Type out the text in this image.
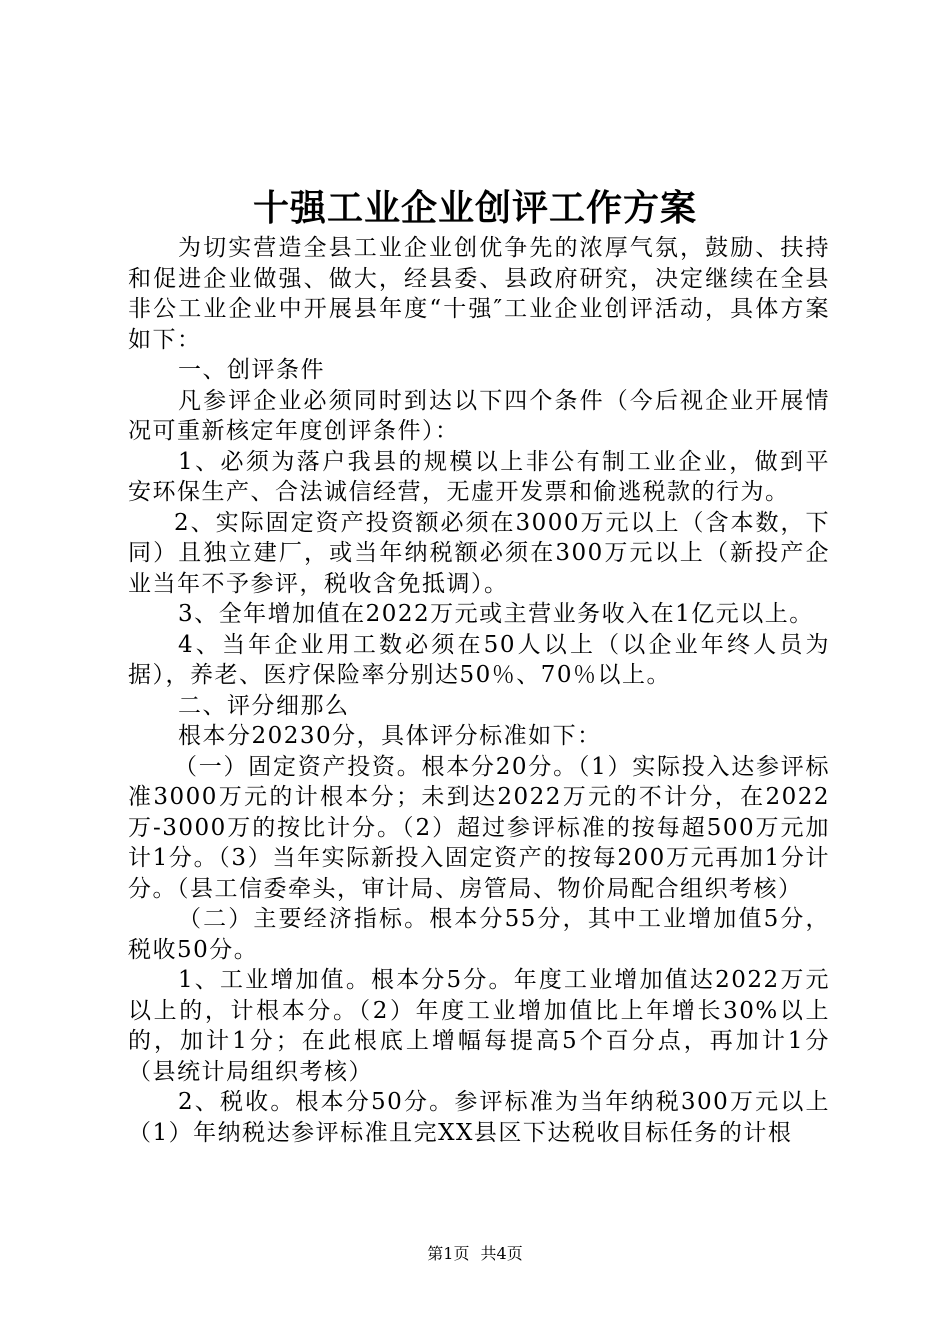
十强工业企业创评工作方案

为切实营造全县工业企业创优争先的浓厚气氛，鼓励、扶持和促进企业做强、做大，经县委、县政府研究，决定继续在全县非公工业企业中开展县年度“十强″工业企业创评活动，具体方案如下：

一、创评条件

凡参评企业必须同时到达以下四个条件（今后视企业开展情况可重新核定年度创评条件）：

1、必须为落户我县的规模以上非公有制工业企业，做到平安环保生产、合法诚信经营，无虚开发票和偷逃税款的行为。

2、实际固定资产投资额必须在3000万元以上（含本数，下同）且独立建厂，或当年纳税额必须在300万元以上（新投产企业当年不予参评，税收含免抵调）。

3、全年增加值在2022万元或主营业务收入在1亿元以上。

4、当年企业用工数必须在50人以上（以企业年终人员为据），养老、医疗保险率分别达50％、70％以上。

二、评分细那么

根本分20230分，具体评分标准如下：

（一）固定资产投资。根本分20分。（1）实际投入达参评标准3000万元的计根本分；未到达2022万元的不计分，在2022万-3000万的按比计分。（2）超过参评标准的按每超500万元加计1分。（3）当年实际新投入固定资产的按每200万元再加1分计分。（县工信委牵头，审计局、房管局、物价局配合组织考核）

（二）主要经济指标。根本分55分，其中工业增加值5分，税收50分。

1、工业增加值。根本分5分。年度工业增加值达2022万元以上的，计根本分。（2）年度工业增加值比上年增长30%以上的，加计1分；在此根底上增幅每提高5个百分点，再加计1分（县统计局组织考核）

2、税收。根本分50分。参评标准为当年纳税300万元以上（1）年纳税达参评标准且完XX县区下达税收目标任务的计根

第1页 共4页
